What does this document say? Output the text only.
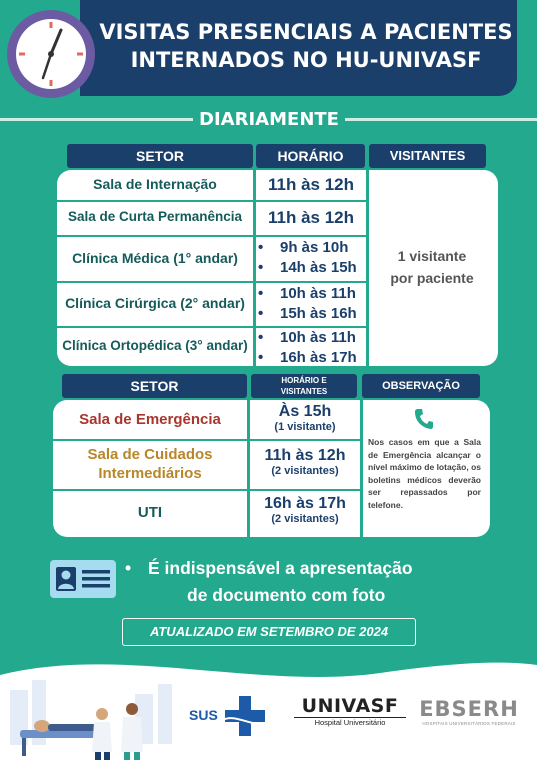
VISITAS PRESENCIAIS A PACIENTES
INTERNADOS NO HU-UNIVASF
DIARIAMENTE
SETOR	HORÁRIO	VISITANTES
Sala de Internação	11h às 12h
Sala de Curta Permanência	11h às 12h
Clínica Médica (1° andar)
• 9h às 10h
• 14h às 15h
Clínica Cirúrgica (2° andar)
• 10h às 11h
• 15h às 16h
Clínica Ortopédica (3° andar)
•	10h às 11h
• 16h às 17h
1 visitante
por paciente
SETOR	HORÁRIO E
VISITANTES	OBSERVAÇÃO
Sala de Emergência	Às 15h
(1 visitante)
Sala de Cuidados
Intermediários
11h às 12h
(2 visitantes)
UTI
16h às 17h
(2 visitantes)
Nos casos em que a Sala de Emergência alcançar o nível máximo de lotação, os boletins médicos deverão ser repassados por telefone.
• É indispensável a apresentação
de documento com foto
ATUALIZADO EM SETEMBRO DE 2024
SUS	UNIVASF
Hospital Universitário
EBSERH
HOSPITAIS UNIVERSITÁRIOS FEDERAIS
